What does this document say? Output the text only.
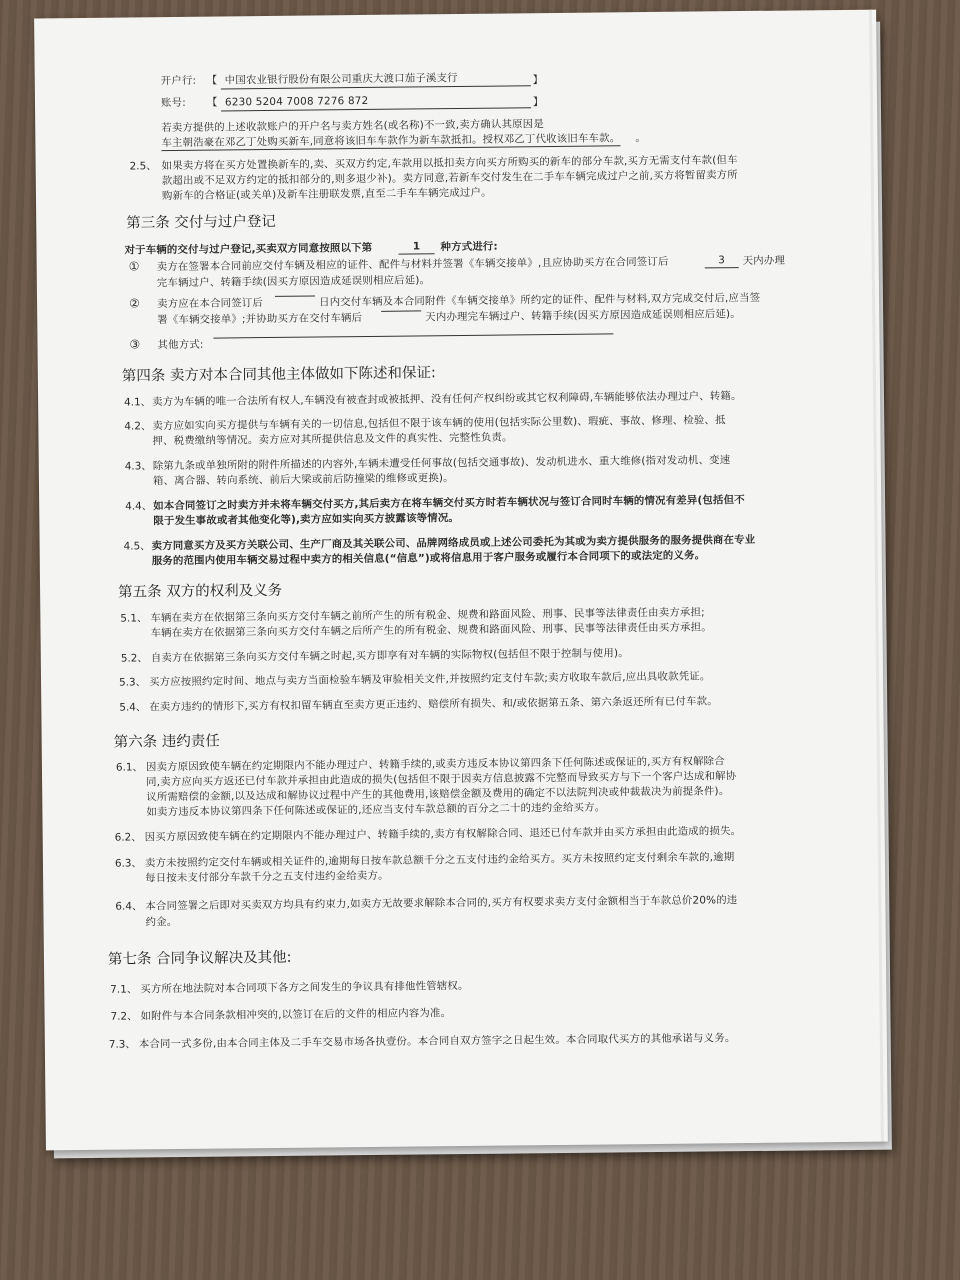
开户行: 【 中国农业银行股份有限公司重庆大渡口茄子溪支行	】
账号: 【 6230 5204 7008 7276 872	】
若卖方提供的上述收款账户的开户名与卖方姓名(或名称)不一致,卖方确认其原因是
车主朝浩豪在邓乙丁处购买新车,同意将该旧车车款作为新车款抵扣。授权邓乙丁代收该旧车车款。 。
2.5、 如果卖方将在买方处置换新车的,卖、买双方约定,车款用以抵扣卖方向买方所购买的新车的部分车款,买方无需支付车款(但车
款超出或不足双方约定的抵扣部分的,则多退少补)。卖方同意,若新车交付发生在二手车车辆完成过户之前,买方将暂留卖方所
购新车的合格证(或关单)及新车注册联发票,直至二手车车辆完成过户。
第三条 交付与过户登记
对于车辆的交付与过户登记,买卖双方同意按照以下第	1	种方式进行:
① 卖方在签署本合同前应交付车辆及相应的证件、配件与材料并签署《车辆交接单》,且应协助买方在合同签订后	3	天内办理
完车辆过户、转籍手续(因买方原因造成延误则相应后延)。
② 卖方应在本合同签订后	日内交付车辆及本合同附件《车辆交接单》所约定的证件、配件与材料,双方完成交付后,应当签
署《车辆交接单》;并协助买方在交付车辆后	天内办理完车辆过户、转籍手续(因买方原因造成延误则相应后延)。
③ 其他方式:
第四条 卖方对本合同其他主体做如下陈述和保证:
4.1、 卖方为车辆的唯一合法所有权人,车辆没有被查封或被抵押、没有任何产权纠纷或其它权利障碍,车辆能够依法办理过户、转籍。
4.2、 卖方应如实向买方提供与车辆有关的一切信息,包括但不限于该车辆的使用(包括实际公里数)、瑕疵、事故、修理、检验、抵
押、税费缴纳等情况。卖方应对其所提供信息及文件的真实性、完整性负责。
4.3、 除第九条或单独所附的附件所描述的内容外,车辆未遭受任何事故(包括交通事故)、发动机进水、重大维修(指对发动机、变速
箱、离合器、转向系统、前后大梁或前后防撞梁的维修或更换)。
4.4、 如本合同签订之时卖方并未将车辆交付买方,其后卖方在将车辆交付买方时若车辆状况与签订合同时车辆的情况有差异(包括但不
限于发生事故或者其他变化等),卖方应如实向买方披露该等情况。
4.5、 卖方同意买方及买方关联公司、生产厂商及其关联公司、品牌网络成员或上述公司委托为其或为卖方提供服务的服务提供商在专业
服务的范围内使用车辆交易过程中卖方的相关信息(“信息”)或将信息用于客户服务或履行本合同项下的或法定的义务。
第五条 双方的权利及义务
5.1、 车辆在卖方在依据第三条向买方交付车辆之前所产生的所有税金、规费和路面风险、刑事、民事等法律责任由卖方承担;
车辆在卖方在依据第三条向买方交付车辆之后所产生的所有税金、规费和路面风险、刑事、民事等法律责任由买方承担。
5.2、 自卖方在依据第三条向买方交付车辆之时起,买方即享有对车辆的实际物权(包括但不限于控制与使用)。
5.3、 买方应按照约定时间、地点与卖方当面检验车辆及审验相关文件,并按照约定支付车款;卖方收取车款后,应出具收款凭证。
5.4、 在卖方违约的情形下,买方有权扣留车辆直至卖方更正违约、赔偿所有损失、和/或依据第五条、第六条返还所有已付车款。
第六条 违约责任
6.1、 因卖方原因致使车辆在约定期限内不能办理过户、转籍手续的,或卖方违反本协议第四条下任何陈述或保证的,买方有权解除合
同,卖方应向买方返还已付车款并承担由此造成的损失(包括但不限于因卖方信息披露不完整而导致买方与下一个客户达成和解协
议所需赔偿的金额,以及达成和解协议过程中产生的其他费用,该赔偿金额及费用的确定不以法院判决或仲裁裁决为前提条件)。
如卖方违反本协议第四条下任何陈述或保证的,还应当支付车款总额的百分之二十的违约金给买方。
6.2、 因买方原因致使车辆在约定期限内不能办理过户、转籍手续的,卖方有权解除合同、退还已付车款并由买方承担由此造成的损失。
6.3、 卖方未按照约定交付车辆或相关证件的,逾期每日按车款总额千分之五支付违约金给买方。买方未按照约定支付剩余车款的,逾期
每日按未支付部分车款千分之五支付违约金给卖方。
6.4、 本合同签署之后即对买卖双方均具有约束力,如卖方无故要求解除本合同的,买方有权要求卖方支付金额相当于车款总价20%的违
约金。
第七条 合同争议解决及其他:
7.1、 买方所在地法院对本合同项下各方之间发生的争议具有排他性管辖权。
7.2、 如附件与本合同条款相冲突的,以签订在后的文件的相应内容为准。
7.3、 本合同一式多份,由本合同主体及二手车交易市场各执壹份。本合同自双方签字之日起生效。本合同取代买方的其他承诺与义务。
